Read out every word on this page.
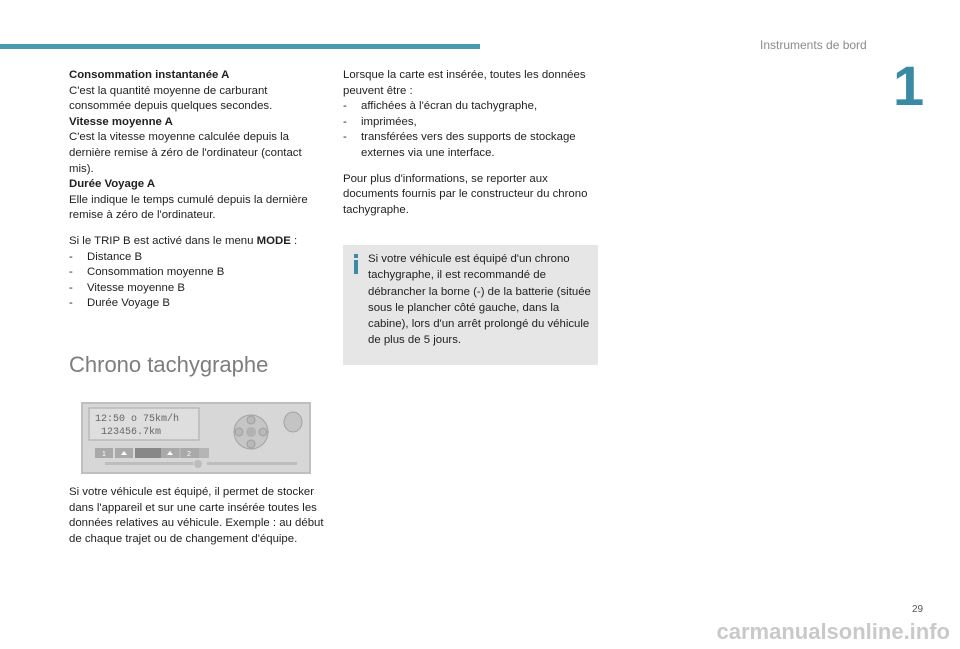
Instruments de bord
1

Consommation instantanée A

C'est la quantité moyenne de carburant consommée depuis quelques secondes.

Vitesse moyenne A

C'est la vitesse moyenne calculée depuis la dernière remise à zéro de l'ordinateur (contact mis).

Durée Voyage A

Elle indique le temps cumulé depuis la dernière remise à zéro de l'ordinateur.

Si le TRIP B est activé dans le menu MODE :

- Distance B
- Consommation moyenne B
- Vitesse moyenne B
- Durée Voyage B
Chrono tachygraphe
12:50 o 75km/h
123456.7km
1	2

Si votre véhicule est équipé, il permet de stocker dans l'appareil et sur une carte insérée toutes les données relatives au véhicule. Exemple : au début de chaque trajet ou de changement d'équipe.

Lorsque la carte est insérée, toutes les données peuvent être :

- affichées à l'écran du tachygraphe,
- imprimées,
- transférées vers des supports de stockage externes via une interface.

Pour plus d'informations, se reporter aux documents fournis par le constructeur du chrono tachygraphe.

Si votre véhicule est équipé d'un chrono tachygraphe, il est recommandé de débrancher la borne (-) de la batterie (située sous le plancher côté gauche, dans la cabine), lors d'un arrêt prolongé du véhicule de plus de 5 jours.
29
carmanualsonline.info
